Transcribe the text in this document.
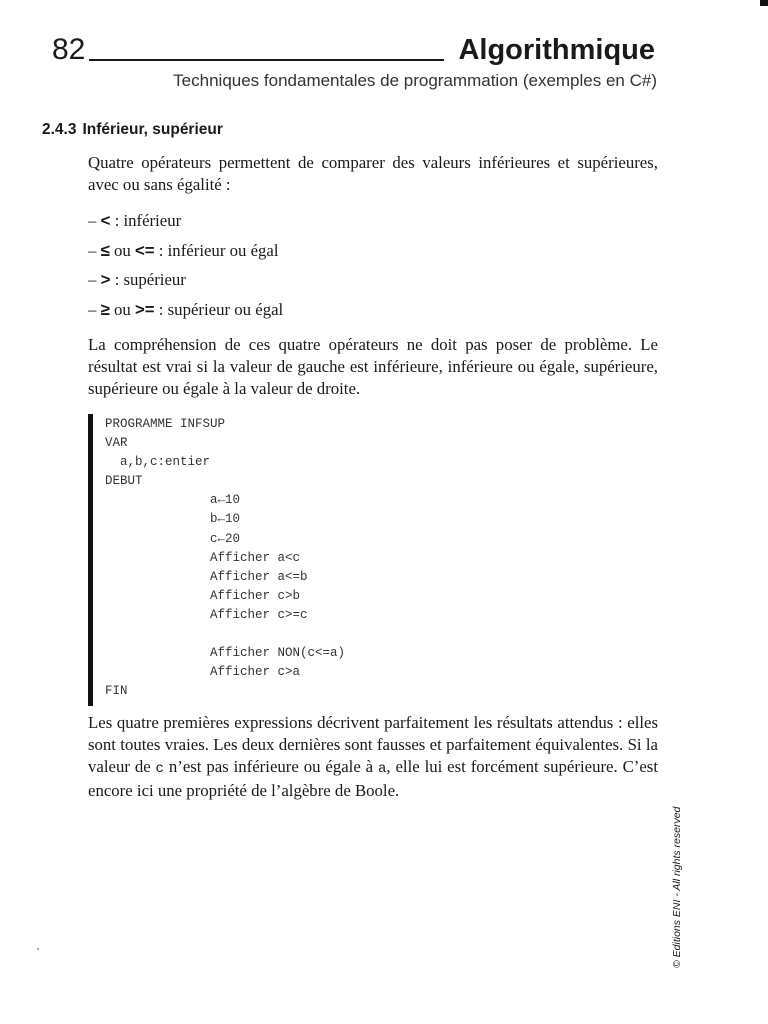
82	Algorithmique
Techniques fondamentales de programmation (exemples en C#)
2.4.3 Inférieur, supérieur
Quatre opérateurs permettent de comparer des valeurs inférieures et supérieures, avec ou sans égalité :
– < : inférieur
– ≤ ou <= : inférieur ou égal
– > : supérieur
– ≥ ou >= : supérieur ou égal
La compréhension de ces quatre opérateurs ne doit pas poser de problème. Le résultat est vrai si la valeur de gauche est inférieure, inférieure ou égale, supérieure, supérieure ou égale à la valeur de droite.
PROGRAMME INFSUP
VAR
a,b,c:entier
DEBUT
a←10
b←10
c←20
Afficher a<c
Afficher a<=b
Afficher c>b
Afficher c>=c
Afficher NON(c<=a)
Afficher c>a
FIN
Les quatre premières expressions décrivent parfaitement les résultats attendus : elles sont toutes vraies. Les deux dernières sont fausses et parfaitement équivalentes. Si la valeur de c n’est pas inférieure ou égale à a, elle lui est forcément supérieure. C’est encore ici une propriété de l’algèbre de Boole.
© Editions ENI - All rights reserved
